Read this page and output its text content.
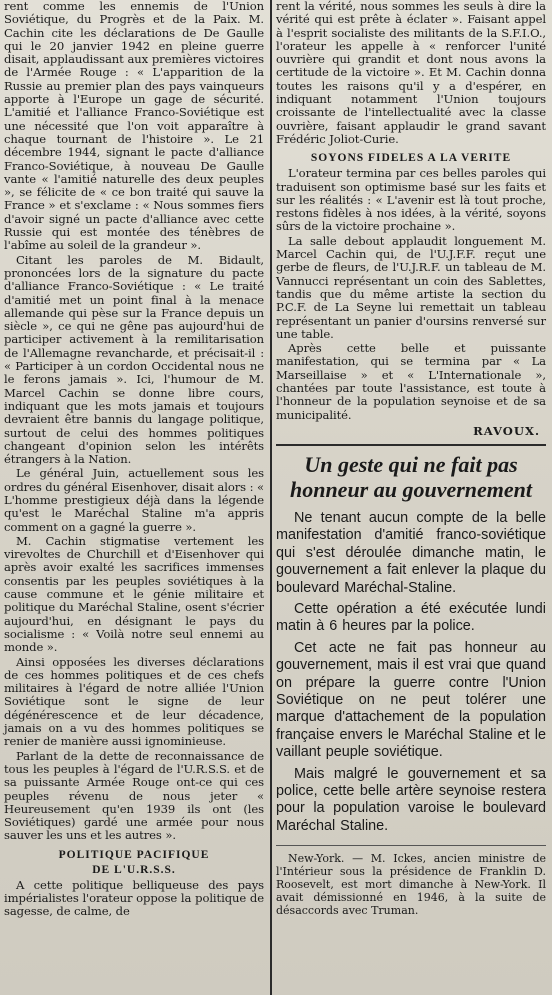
rent comme les ennemis de l'Union Soviétique, du Progrès et de la Paix. M. Cachin cite les déclarations de De Gaulle qui le 20 janvier 1942 en pleine guerre disait, applaudissant aux premières victoires de l'Armée Rouge : « L'apparition de la Russie au premier plan des pays vainqueurs apporte à l'Europe un gage de sécurité. L'amitié et l'alliance Franco-Soviétique est une nécessité que l'on voit apparaître à chaque tournant de l'histoire ». Le 21 décembre 1944, signant le pacte d'alliance Franco-Soviétique, à nouveau De Gaulle vante « l'amitié naturelle des deux peuples », se félicite de « ce bon traité qui sauve la France » et s'exclame : « Nous sommes fiers d'avoir signé un pacte d'alliance avec cette Russie qui est montée des ténèbres de l'abîme au soleil de la grandeur ».

Citant les paroles de M. Bidault, prononcées lors de la signature du pacte d'alliance Franco-Soviétique : « Le traité d'amitié met un point final à la menace allemande qui pèse sur la France depuis un siècle », ce qui ne gêne pas aujourd'hui de participer activement à la remilitarisation de l'Allemagne revancharde, et précisait-il : « Participer à un cordon Occidental nous ne le ferons jamais ». Ici, l'humour de M. Marcel Cachin se donne libre cours, indiquant que les mots jamais et toujours devraient être bannis du langage politique, surtout de celui des hommes politiques changeant d'opinion selon les intérêts étrangers à la Nation.

Le général Juin, actuellement sous les ordres du général Eisenhover, disait alors : « L'homme prestigieux déjà dans la légende qu'est le Maréchal Staline m'a appris comment on a gagné la guerre ».

M. Cachin stigmatise vertement les virevoltes de Churchill et d'Eisenhover qui après avoir exalté les sacrifices immenses consentis par les peuples soviétiques à la cause commune et le génie militaire et politique du Maréchal Staline, osent s'écrier aujourd'hui, en désignant le pays du socialisme : « Voilà notre seul ennemi au monde ».

Ainsi opposées les diverses déclarations de ces hommes politiques et de ces chefs militaires à l'égard de notre alliée l'Union Soviétique sont le signe de leur dégénérescence et de leur décadence, jamais on a vu des hommes politiques se renier de manière aussi ignominieuse.

Parlant de la dette de reconnaissance de tous les peuples à l'égard de l'U.R.S.S. et de sa puissante Armée Rouge ont-ce qui ces peuples révenu de nous jeter « Heureusement qu'en 1939 ils ont (les Soviétiques) gardé une armée pour nous sauver les uns et les autres ».

POLITIQUE PACIFIQUE
DE L'U.R.S.S.

A cette politique belliqueuse des pays impérialistes l'orateur oppose la politique de sagesse, de calme, de

rent la vérité, nous sommes les seuls à dire la vérité qui est prête à éclater ». Faisant appel à l'esprit socialiste des militants de la S.F.I.O., l'orateur les appelle à « renforcer l'unité ouvrière qui grandit et dont nous avons la certitude de la victoire ». Et M. Cachin donna toutes les raisons qu'il y a d'espérer, en indiquant notamment l'Union toujours croissante de l'intellectualité avec la classe ouvrière, faisant applaudir le grand savant Frédéric Joliot-Curie.

SOYONS FIDELES A LA VERITE

L'orateur termina par ces belles paroles qui traduisent son optimisme basé sur les faits et sur les réalités : « L'avenir est là tout proche, restons fidèles à nos idées, à la vérité, soyons sûrs de la victoire prochaine ».

La salle debout applaudit longuement M. Marcel Cachin qui, de l'U.J.F.F. reçut une gerbe de fleurs, de l'U.J.R.F. un tableau de M. Vannucci représentant un coin des Sablettes, tandis que du même artiste la section du P.C.F. de La Seyne lui remettait un tableau représentant un panier d'oursins renversé sur une table.

Après cette belle et puissante manifestation, qui se termina par « La Marseillaise » et « L'Internationale », chantées par toute l'assistance, est toute à l'honneur de la population seynoise et de sa municipalité.

RAVOUX.
Un geste qui ne fait pas honneur au gouvernement

Ne tenant aucun compte de la belle manifestation d'amitié franco-soviétique qui s'est déroulée dimanche matin, le gouvernement a fait enlever la plaque du boulevard Maréchal-Staline.

Cette opération a été exécutée lundi matin à 6 heures par la police.

Cet acte ne fait pas honneur au gouvernement, mais il est vrai que quand on prépare la guerre contre l'Union Soviétique on ne peut tolérer une marque d'attachement de la population française envers le Maréchal Staline et le vaillant peuple soviétique.

Mais malgré le gouvernement et sa police, cette belle artère seynoise restera pour la population varoise le boulevard Maréchal Staline.

New-York. — M. Ickes, ancien ministre de l'Intérieur sous la présidence de Franklin D. Roosevelt, est mort dimanche à New-York. Il avait démissionné en 1946, à la suite de désaccords avec Truman.
